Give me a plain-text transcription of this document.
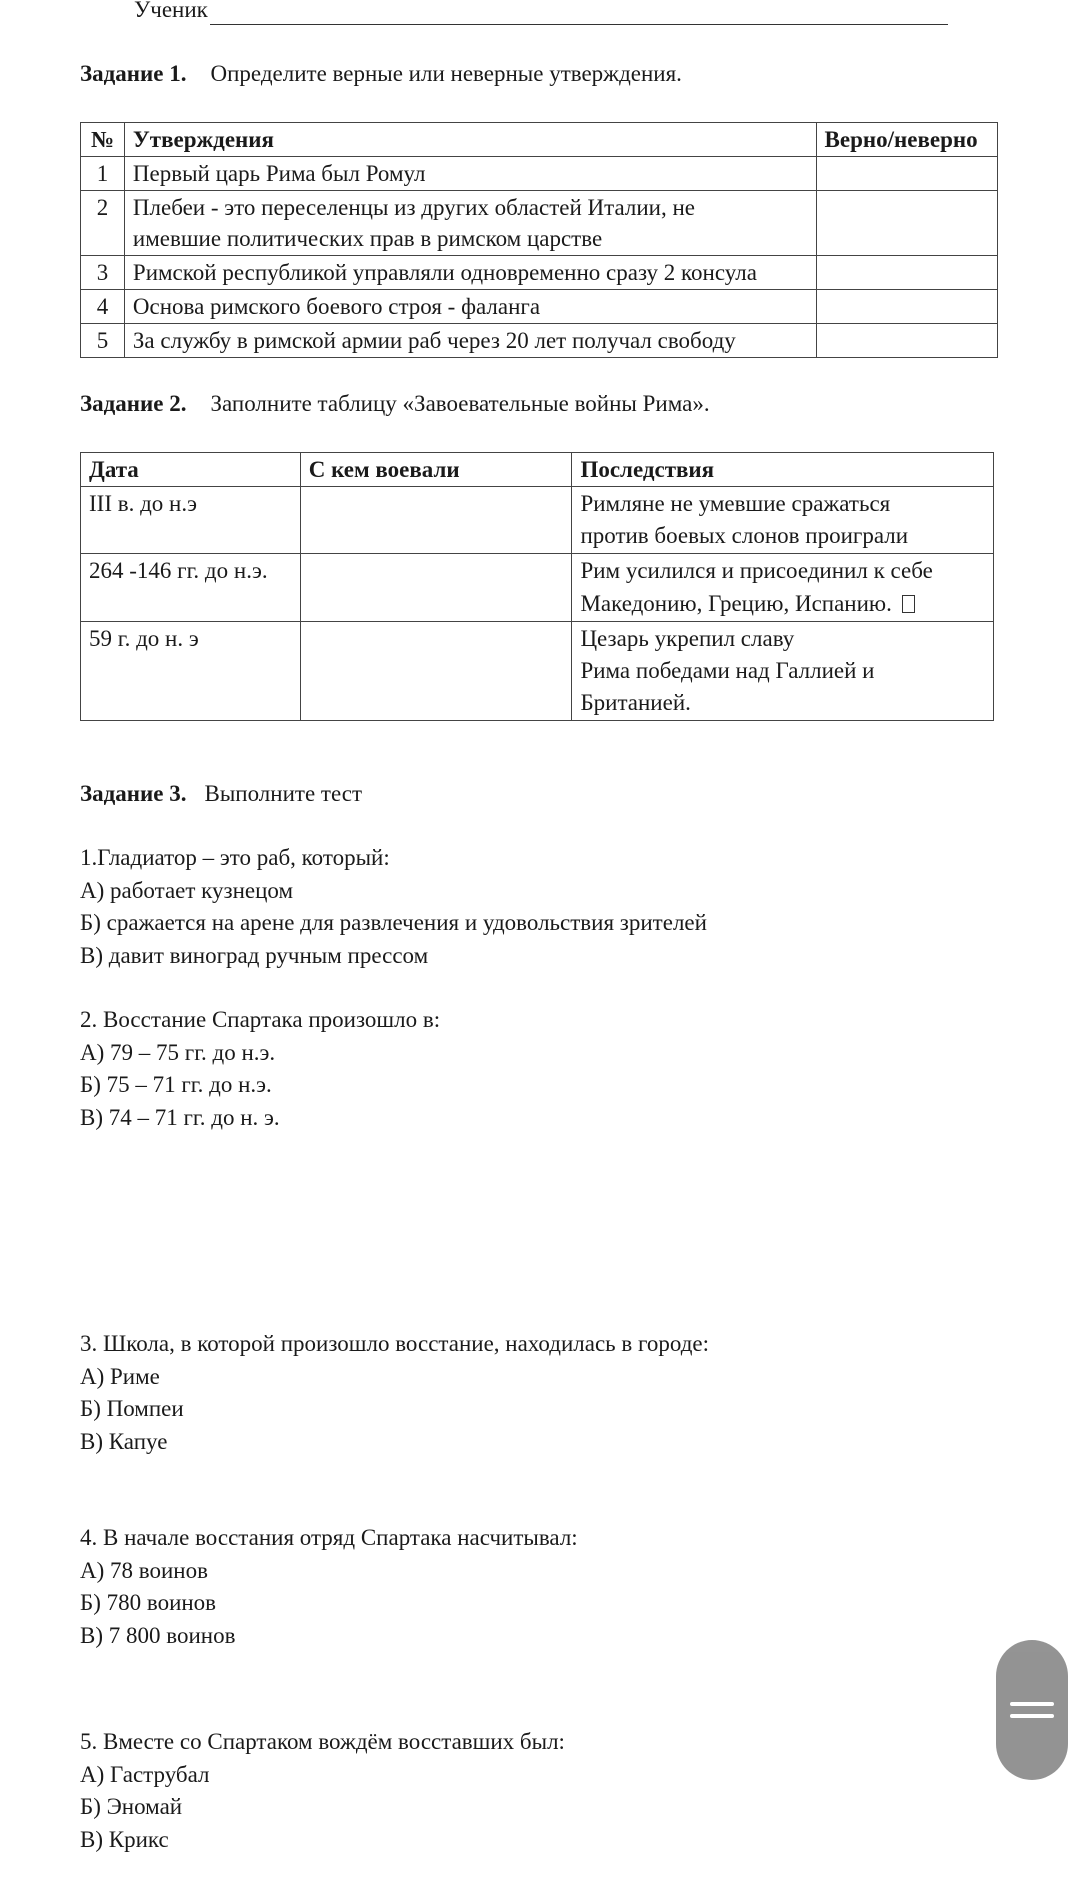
Ученик
Задание 1. Определите верные или неверные утверждения.
№	Утверждения	Верно/неверно
1	Первый царь Рима был Ромул	

2	Плебеи - это переселенцы из других областей Италии, не
имевшие политических прав в римском царстве	

3	Римской республикой управляли одновременно сразу 2 консула	

4	Основа римского боевого строя - фаланга	

5	За службу в римской армии раб через 20 лет получал свободу	

Задание 2. Заполните таблицу «Завоевательные войны Рима».
Дата	С кем воевали	Последствия
III в. до н.э		Римляне не умевшие сражаться
против боевых слонов проиграли

264 -146 гг. до н.э.		Рим усилился и присоединил к себе
Македонию, Грецию, Испанию.

59 г. до н. э		Цезарь укрепил славу
Рима победами над Галлией и
Британией.
Задание 3. Выполните тест
1.Гладиатор – это раб, который:
А) работает кузнецом
Б) сражается на арене для развлечения и удовольствия зрителей
В) давит виноград ручным прессом
2. Восстание Спартака произошло в:
А) 79 – 75 гг. до н.э.
Б) 75 – 71 гг. до н.э.
В) 74 – 71 гг. до н. э.
3. Школа, в которой произошло восстание, находилась в городе:
А) Риме
Б) Помпеи
В) Капуе
4. В начале восстания отряд Спартака насчитывал:
А) 78 воинов
Б) 780 воинов
В) 7 800 воинов
5. Вместе со Спартаком вождём восставших был:
А) Гаструбал
Б) Эномай
В) Крикс
